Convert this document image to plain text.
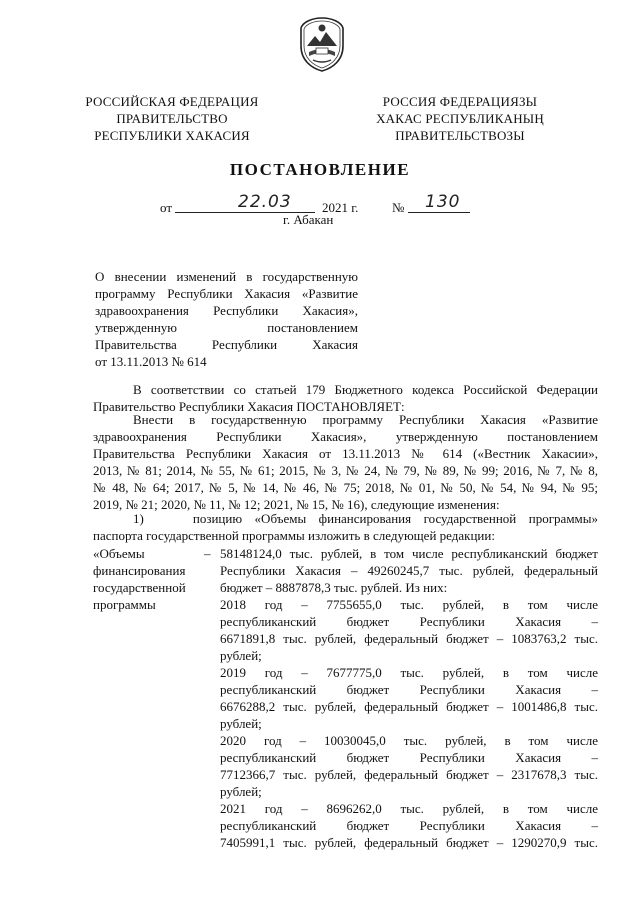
РОССИЙСКАЯ ФЕДЕРАЦИЯ
ПРАВИТЕЛЬСТВО
РЕСПУБЛИКИ ХАКАСИЯ
РОССИЯ ФЕДЕРАЦИЯЗЫ
ХАКАС РЕСПУБЛИКАНЫҢ
ПРАВИТЕЛЬСТВОЗЫ
ПОСТАНОВЛЕНИЕ
от	22.03 2021 г.	№ 130
г. Абакан
О внесении изменений в государственную
программу Республики Хакасия «Развитие
здравоохранения Республики Хакасия»,
утвержденную постановлением
Правительства Республики Хакасия
от 13.11.2013 № 614
В соответствии со статьей 179 Бюджетного кодекса Российской Федерации
Правительство Республики Хакасия ПОСТАНОВЛЯЕТ:
Внести в государственную программу Республики Хакасия «Развитие
здравоохранения Республики Хакасия», утвержденную постановлением
Правительства Республики Хакасия от 13.11.2013 № 614 («Вестник Хакасии»,
2013, № 81; 2014, № 55, № 61; 2015, № 3, № 24, № 79, № 89, № 99; 2016, № 7, № 8,
№ 48, № 64; 2017, № 5, № 14, № 46, № 75; 2018, № 01, № 50, № 54, № 94, № 95;
2019, № 21; 2020, № 11, № 12; 2021, № 15, № 16), следующие изменения:
1)	позицию «Объемы финансирования государственной программы»
паспорта государственной программы изложить в следующей редакции:
«Объемы
финансирования
государственной
программы
– 58148124,0 тыс. рублей, в том числе республиканский бюджет
Республики Хакасия – 49260245,7 тыс. рублей, федеральный
бюджет – 8887878,3 тыс. рублей. Из них:
2018 год – 7755655,0 тыс. рублей, в том числе
республиканский бюджет Республики Хакасия –
6671891,8 тыс. рублей, федеральный бюджет – 1083763,2 тыс.
рублей;
2019 год – 7677775,0 тыс. рублей, в том числе
республиканский бюджет Республики Хакасия –
6676288,2 тыс. рублей, федеральный бюджет – 1001486,8 тыс.
рублей;
2020 год – 10030045,0 тыс. рублей, в том числе
республиканский бюджет Республики Хакасия –
7712366,7 тыс. рублей, федеральный бюджет – 2317678,3 тыс.
рублей;
2021 год – 8696262,0 тыс. рублей, в том числе
республиканский бюджет Республики Хакасия –
7405991,1 тыс. рублей, федеральный бюджет – 1290270,9 тыс.
